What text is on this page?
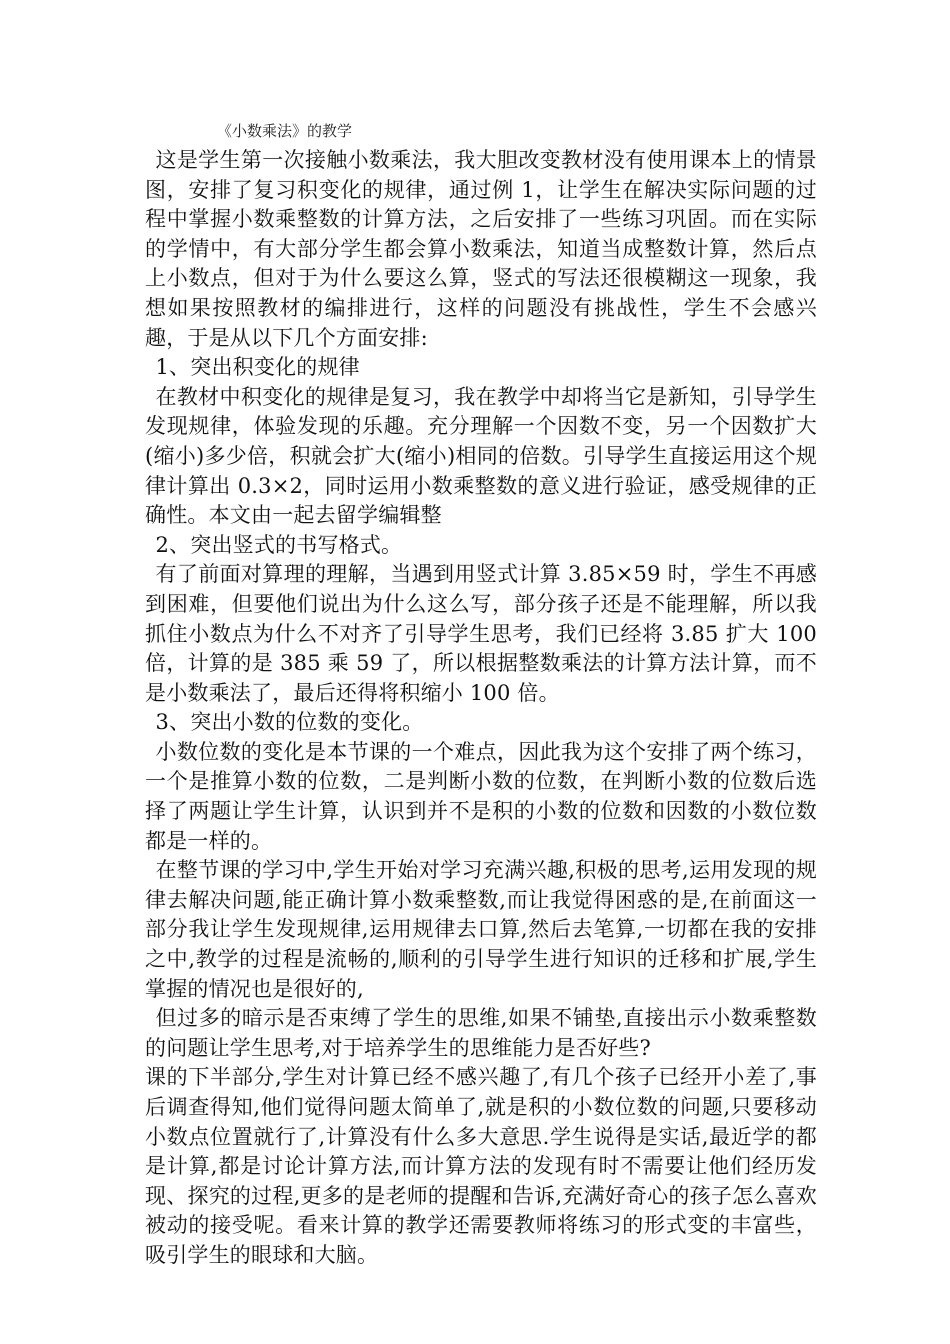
《小数乘法》的教学

这是学生第一次接触小数乘法，我大胆改变教材没有使用课本上的情景图，安排了复习积变化的规律，通过例 1，让学生在解决实际问题的过程中掌握小数乘整数的计算方法，之后安排了一些练习巩固。而在实际的学情中，有大部分学生都会算小数乘法，知道当成整数计算，然后点上小数点，但对于为什么要这么算，竖式的写法还很模糊这一现象，我想如果按照教材的编排进行，这样的问题没有挑战性，学生不会感兴趣，于是从以下几个方面安排:

1、突出积变化的规律

在教材中积变化的规律是复习，我在教学中却将当它是新知，引导学生发现规律，体验发现的乐趣。充分理解一个因数不变，另一个因数扩大(缩小)多少倍，积就会扩大(缩小)相同的倍数。引导学生直接运用这个规律计算出 0.3×2，同时运用小数乘整数的意义进行验证，感受规律的正确性。本文由一起去留学编辑整

2、突出竖式的书写格式。

有了前面对算理的理解，当遇到用竖式计算 3.85×59 时，学生不再感到困难，但要他们说出为什么这么写，部分孩子还是不能理解，所以我抓住小数点为什么不对齐了引导学生思考，我们已经将 3.85 扩大 100 倍，计算的是 385 乘 59 了，所以根据整数乘法的计算方法计算，而不是小数乘法了，最后还得将积缩小 100 倍。

3、突出小数的位数的变化。

小数位数的变化是本节课的一个难点，因此我为这个安排了两个练习，一个是推算小数的位数，二是判断小数的位数，在判断小数的位数后选择了两题让学生计算，认识到并不是积的小数的位数和因数的小数位数都是一样的。

在整节课的学习中,学生开始对学习充满兴趣,积极的思考,运用发现的规律去解决问题,能正确计算小数乘整数,而让我觉得困惑的是,在前面这一部分我让学生发现规律,运用规律去口算,然后去笔算,一切都在我的安排之中,教学的过程是流畅的,顺利的引导学生进行知识的迁移和扩展,学生掌握的情况也是很好的,

但过多的暗示是否束缚了学生的思维,如果不铺垫,直接出示小数乘整数的问题让学生思考,对于培养学生的思维能力是否好些?

课的下半部分,学生对计算已经不感兴趣了,有几个孩子已经开小差了,事后调查得知,他们觉得问题太简单了,就是积的小数位数的问题,只要移动小数点位置就行了,计算没有什么多大意思.学生说得是实话,最近学的都是计算,都是讨论计算方法,而计算方法的发现有时不需要让他们经历发现、探究的过程,更多的是老师的提醒和告诉,充满好奇心的孩子怎么喜欢被动的接受呢。看来计算的教学还需要教师将练习的形式变的丰富些，吸引学生的眼球和大脑。
